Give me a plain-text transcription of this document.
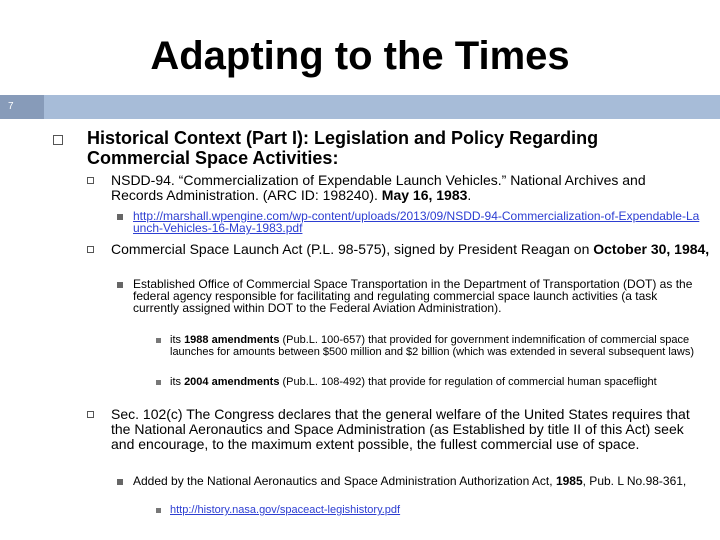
Adapting to the Times
7
Historical Context (Part I): Legislation and Policy Regarding Commercial Space Activities:
NSDD-94. “Commercialization of Expendable Launch Vehicles.” National Archives and Records Administration. (ARC ID: 198240). May 16, 1983.
http://marshall.wpengine.com/wp-content/uploads/2013/09/NSDD-94-Commercialization-of-Expendable-Launch-Vehicles-16-May-1983.pdf
Commercial Space Launch Act (P.L. 98-575), signed by President Reagan on October 30, 1984,
Established Office of Commercial Space Transportation in the Department of Transportation (DOT) as the federal agency responsible for facilitating and regulating commercial space launch activities (a task currently assigned within DOT to the Federal Aviation Administration).
its 1988 amendments (Pub.L. 100-657) that provided for government indemnification of commercial space launches for amounts between $500 million and $2 billion (which was extended in several subsequent laws)
its 2004 amendments (Pub.L. 108-492) that provide for regulation of commercial human spaceflight
Sec. 102(c) The Congress declares that the general welfare of the United States requires that the National Aeronautics and Space Administration (as Established by title II of this Act) seek and encourage, to the maximum extent possible, the fullest commercial use of space.
Added by the National Aeronautics and Space Administration Authorization Act, 1985, Pub. L No.98-361,
http://history.nasa.gov/spaceact-legishistory.pdf
